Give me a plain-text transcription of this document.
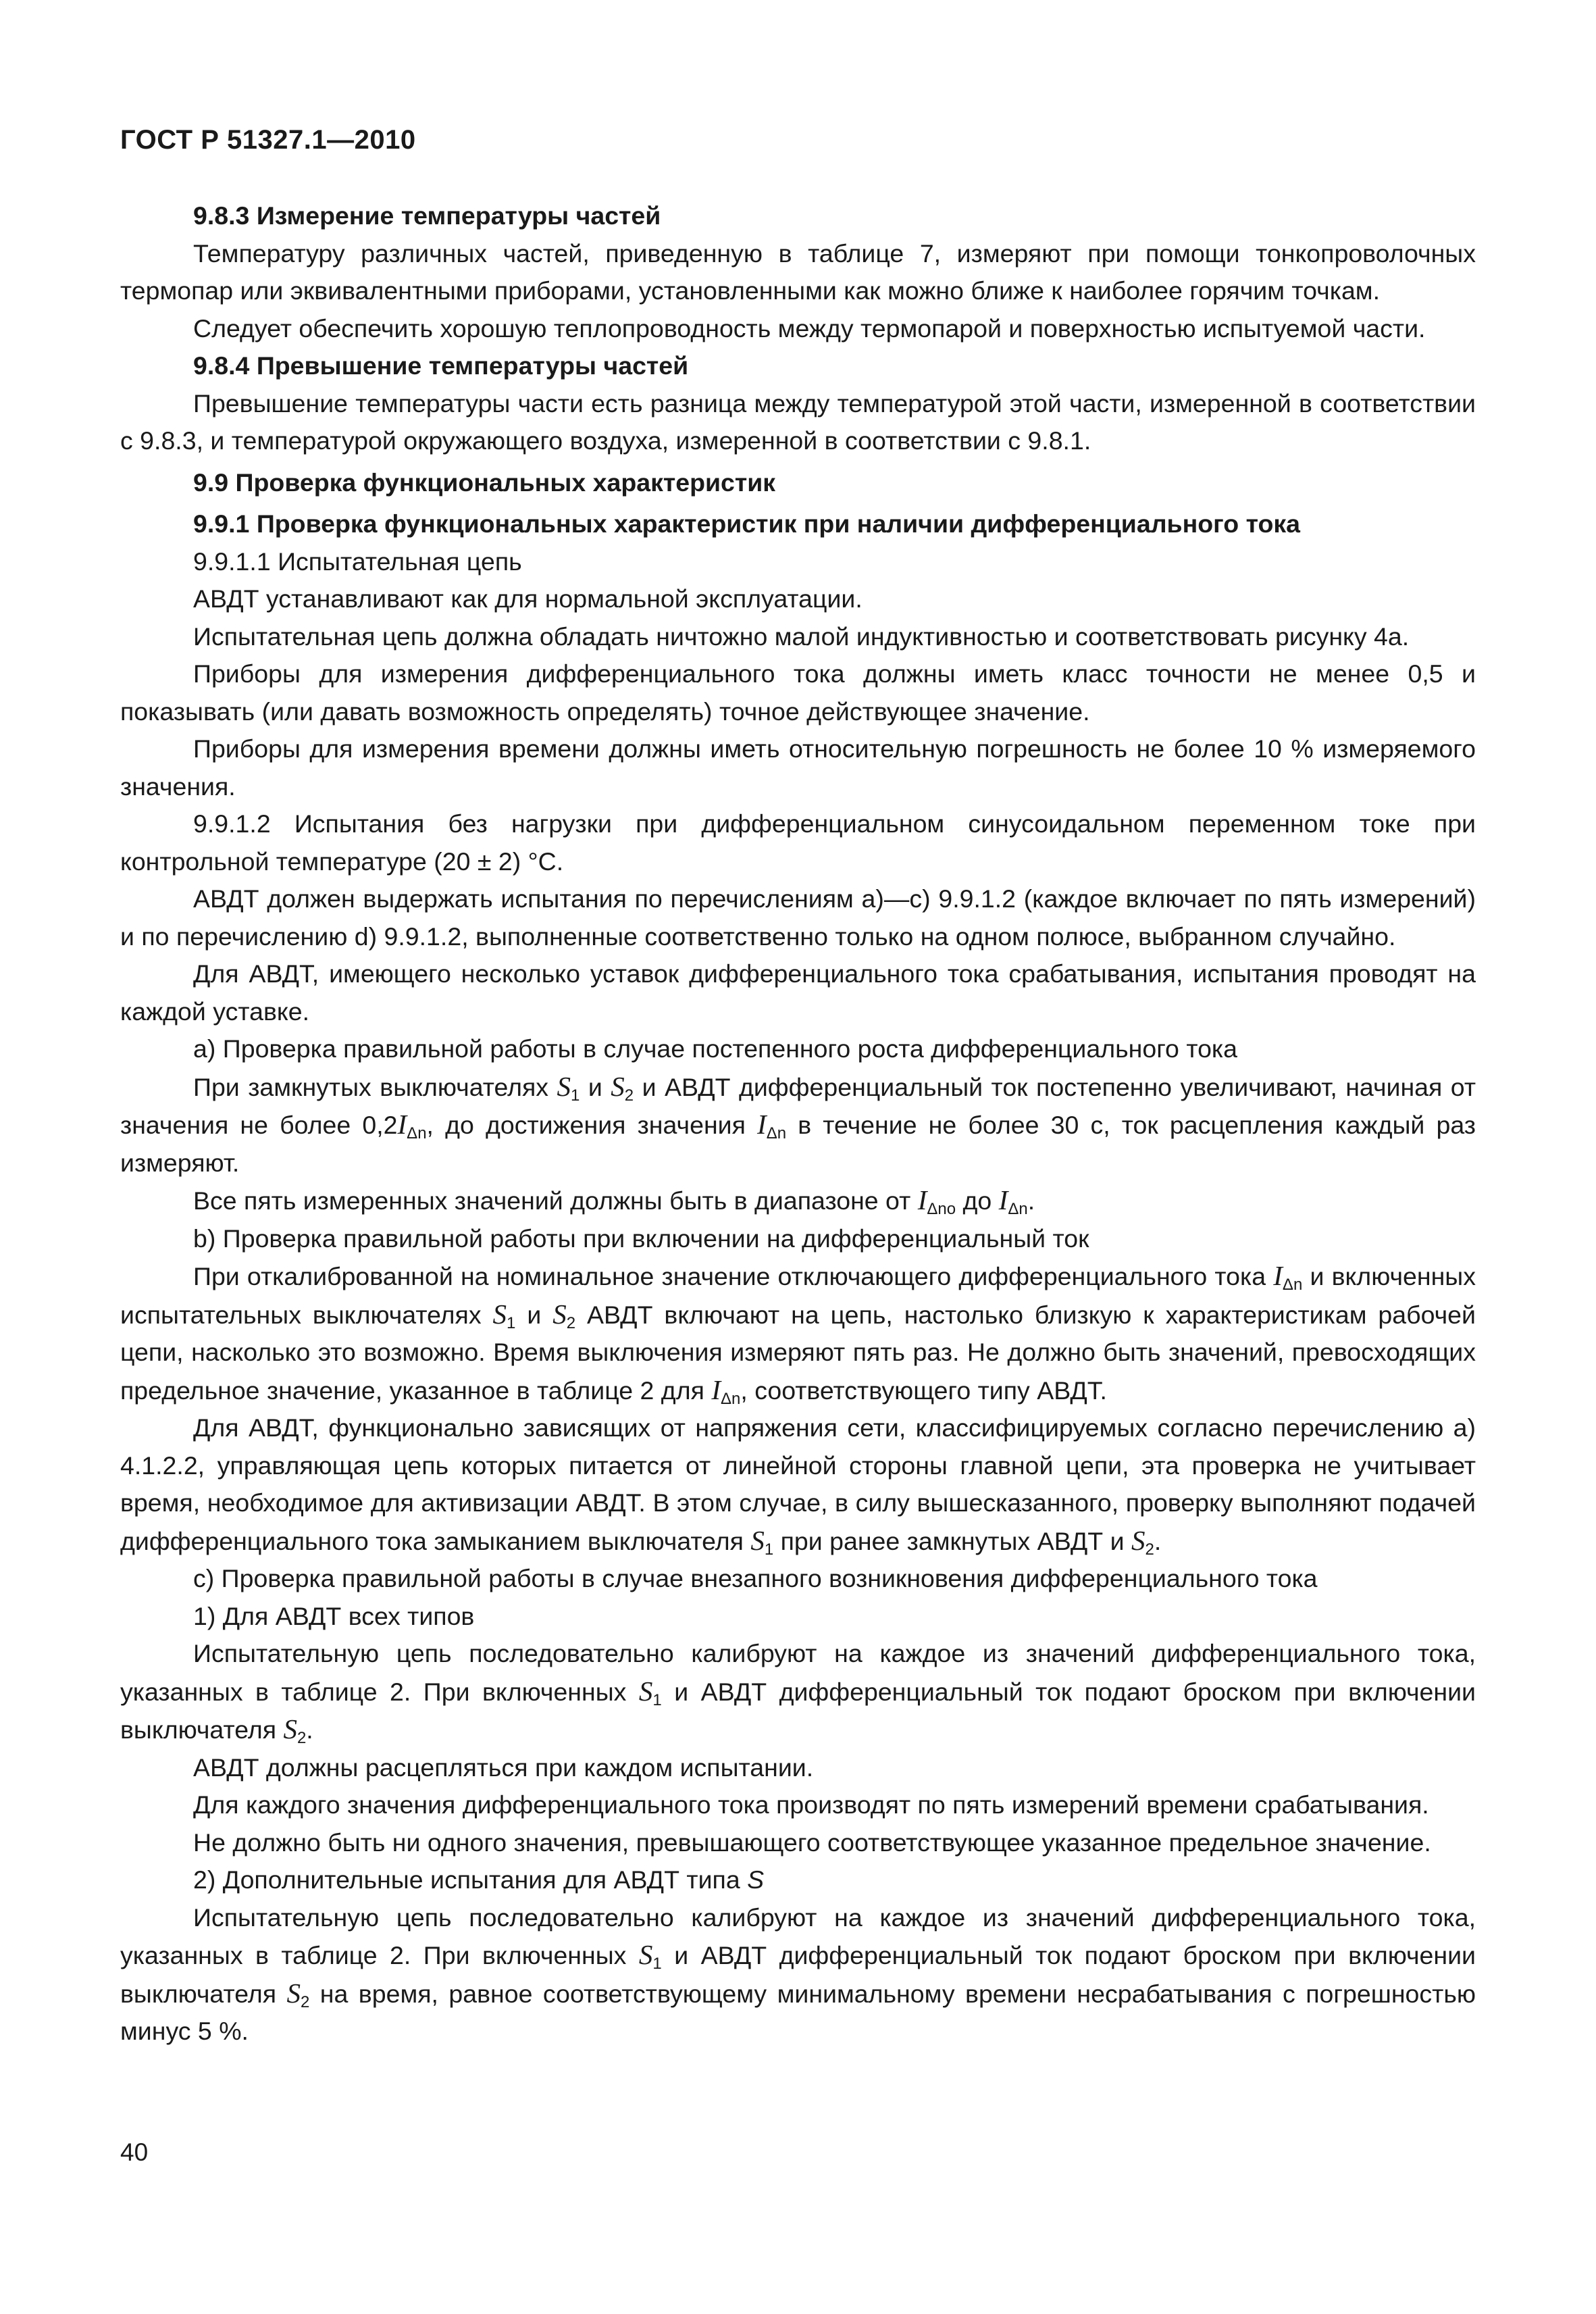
ГОСТ Р 51327.1—2010

9.8.3 Измерение температуры частей

Температуру различных частей, приведенную в таблице 7, измеряют при помощи тонкопроволочных термопар или эквивалентными приборами, установленными как можно ближе к наиболее горячим точкам.

Следует обеспечить хорошую теплопроводность между термопарой и поверхностью испытуемой части.

9.8.4 Превышение температуры частей

Превышение температуры части есть разница между температурой этой части, измеренной в соответствии с 9.8.3, и температурой окружающего воздуха, измеренной в соответствии с 9.8.1.

9.9 Проверка функциональных характеристик

9.9.1 Проверка функциональных характеристик при наличии дифференциального тока

9.9.1.1 Испытательная цепь

АВДТ устанавливают как для нормальной эксплуатации.

Испытательная цепь должна обладать ничтожно малой индуктивностью и соответствовать рисунку 4а.

Приборы для измерения дифференциального тока должны иметь класс точности не менее 0,5 и показывать (или давать возможность определять) точное действующее значение.

Приборы для измерения времени должны иметь относительную погрешность не более 10 % измеряемого значения.

9.9.1.2 Испытания без нагрузки при дифференциальном синусоидальном переменном токе при контрольной температуре (20 ± 2) °C.

АВДТ должен выдержать испытания по перечислениям а)—с) 9.9.1.2 (каждое включает по пять измерений) и по перечислению d) 9.9.1.2, выполненные соответственно только на одном полюсе, выбранном случайно.

Для АВДТ, имеющего несколько уставок дифференциального тока срабатывания, испытания проводят на каждой уставке.

а) Проверка правильной работы в случае постепенного роста дифференциального тока

При замкнутых выключателях $S_1$ и $S_2$ и АВДТ дифференциальный ток постепенно увеличивают, начиная от значения не более $0,2I_{\Delta n}$, до достижения значения $I_{\Delta n}$ в течение не более 30 с, ток расцепления каждый раз измеряют.

Все пять измеренных значений должны быть в диапазоне от $I_{\Delta no}$ до $I_{\Delta n}$.

b) Проверка правильной работы при включении на дифференциальный ток

При откалиброванной на номинальное значение отключающего дифференциального тока $I_{\Delta n}$ и включенных испытательных выключателях $S_1$ и $S_2$ АВДТ включают на цепь, настолько близкую к характеристикам рабочей цепи, насколько это возможно. Время выключения измеряют пять раз. Не должно быть значений, превосходящих предельное значение, указанное в таблице 2 для $I_{\Delta n}$, соответствующего типу АВДТ.

Для АВДТ, функционально зависящих от напряжения сети, классифицируемых согласно перечислению а) 4.1.2.2, управляющая цепь которых питается от линейной стороны главной цепи, эта проверка не учитывает время, необходимое для активизации АВДТ. В этом случае, в силу вышесказанного, проверку выполняют подачей дифференциального тока замыканием выключателя $S_1$ при ранее замкнутых АВДТ и $S_2$.

с) Проверка правильной работы в случае внезапного возникновения дифференциального тока

1) Для АВДТ всех типов

Испытательную цепь последовательно калибруют на каждое из значений дифференциального тока, указанных в таблице 2. При включенных $S_1$ и АВДТ дифференциальный ток подают броском при включении выключателя $S_2$.

АВДТ должны расцепляться при каждом испытании.

Для каждого значения дифференциального тока производят по пять измерений времени срабатывания.

Не должно быть ни одного значения, превышающего соответствующее указанное предельное значение.

2) Дополнительные испытания для АВДТ типа S

Испытательную цепь последовательно калибруют на каждое из значений дифференциального тока, указанных в таблице 2. При включенных $S_1$ и АВДТ дифференциальный ток подают броском при включении выключателя $S_2$ на время, равное соответствующему минимальному времени несрабатывания с погрешностью минус 5 %.

40
